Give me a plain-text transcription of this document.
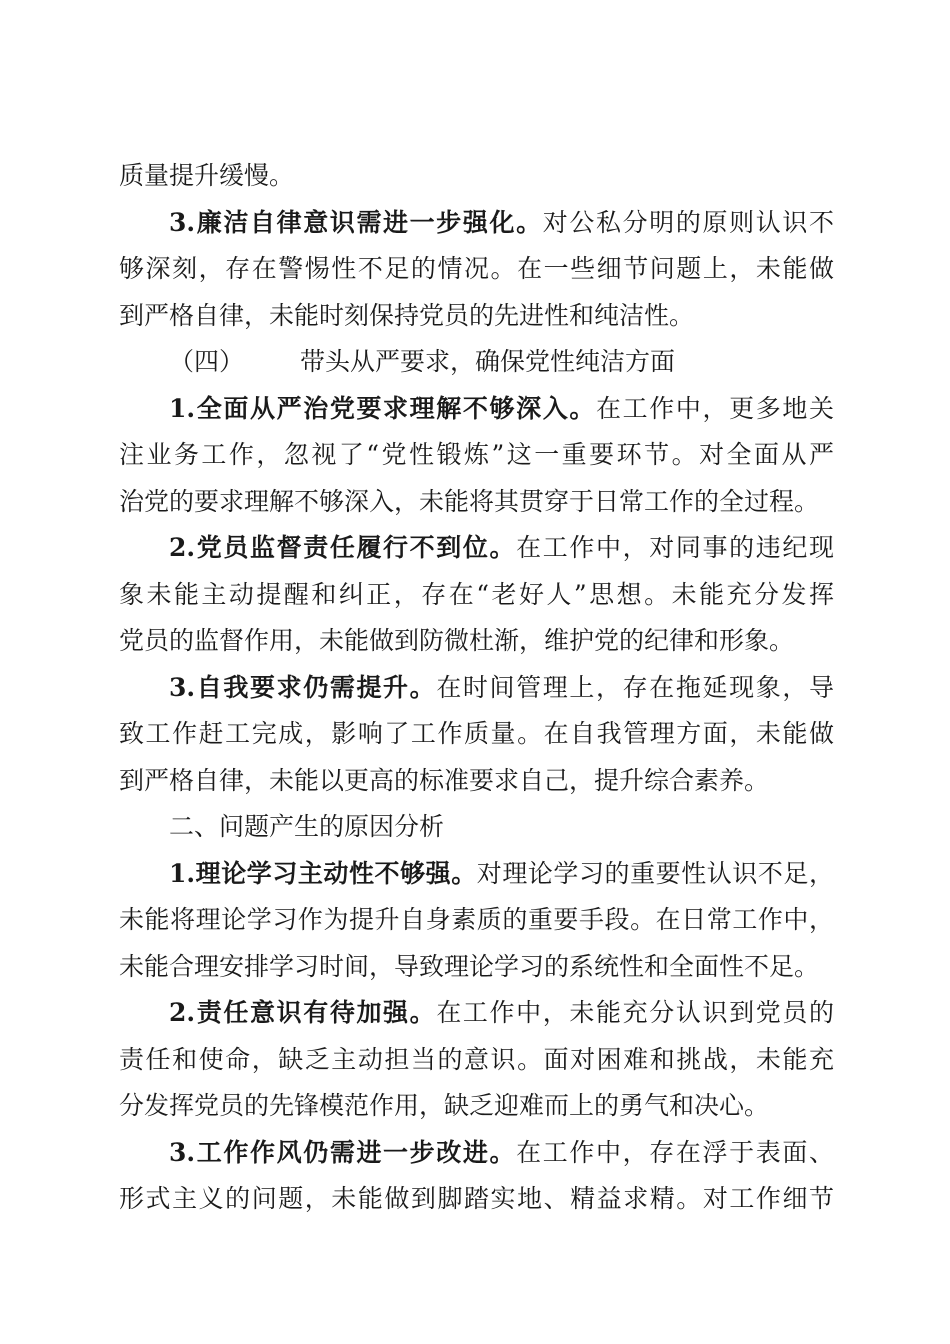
质量提升缓慢。
3.廉洁自律意识需进一步强化。对公私分明的原则认识不
够深刻，存在警惕性不足的情况。在一些细节问题上，未能做
到严格自律，未能时刻保持党员的先进性和纯洁性。
（四） 带头从严要求，确保党性纯洁方面
1.全面从严治党要求理解不够深入。在工作中，更多地关
注业务工作，忽视了“党性锻炼”这一重要环节。对全面从严
治党的要求理解不够深入，未能将其贯穿于日常工作的全过程。
2.党员监督责任履行不到位。在工作中，对同事的违纪现
象未能主动提醒和纠正，存在“老好人”思想。未能充分发挥
党员的监督作用，未能做到防微杜渐，维护党的纪律和形象。
3.自我要求仍需提升。在时间管理上，存在拖延现象，导
致工作赶工完成，影响了工作质量。在自我管理方面，未能做
到严格自律，未能以更高的标准要求自己，提升综合素养。
二、问题产生的原因分析
1.理论学习主动性不够强。对理论学习的重要性认识不足，
未能将理论学习作为提升自身素质的重要手段。在日常工作中，
未能合理安排学习时间，导致理论学习的系统性和全面性不足。
2.责任意识有待加强。在工作中，未能充分认识到党员的
责任和使命，缺乏主动担当的意识。面对困难和挑战，未能充
分发挥党员的先锋模范作用，缺乏迎难而上的勇气和决心。
3.工作作风仍需进一步改进。在工作中，存在浮于表面、
形式主义的问题，未能做到脚踏实地、精益求精。对工作细节
